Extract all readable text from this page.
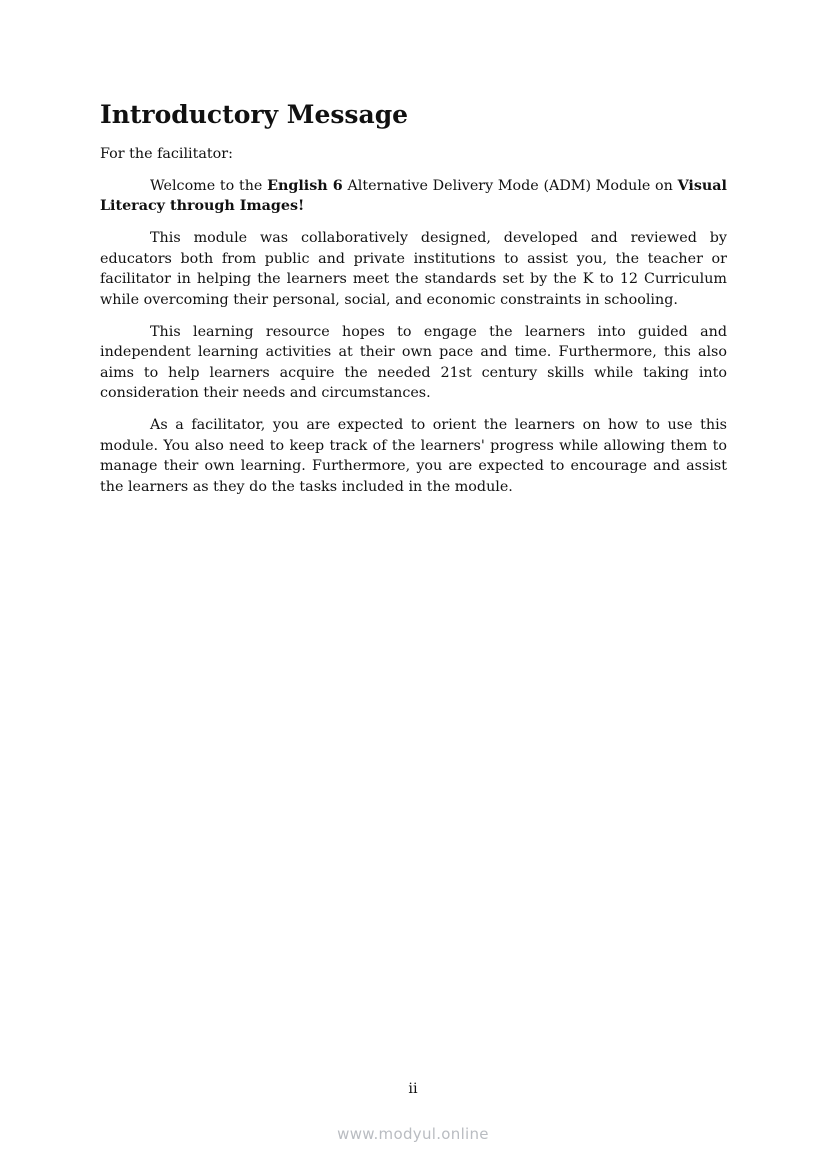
Introductory Message

For the facilitator:

Welcome to the English 6 Alternative Delivery Mode (ADM) Module on Visual Literacy through Images!

This module was collaboratively designed, developed and reviewed by educators both from public and private institutions to assist you, the teacher or facilitator in helping the learners meet the standards set by the K to 12 Curriculum while overcoming their personal, social, and economic constraints in schooling.

This learning resource hopes to engage the learners into guided and independent learning activities at their own pace and time. Furthermore, this also aims to help learners acquire the needed 21st century skills while taking into consideration their needs and circumstances.

As a facilitator, you are expected to orient the learners on how to use this module. You also need to keep track of the learners' progress while allowing them to manage their own learning. Furthermore, you are expected to encourage and assist the learners as they do the tasks included in the module.

ii
www.modyul.online
